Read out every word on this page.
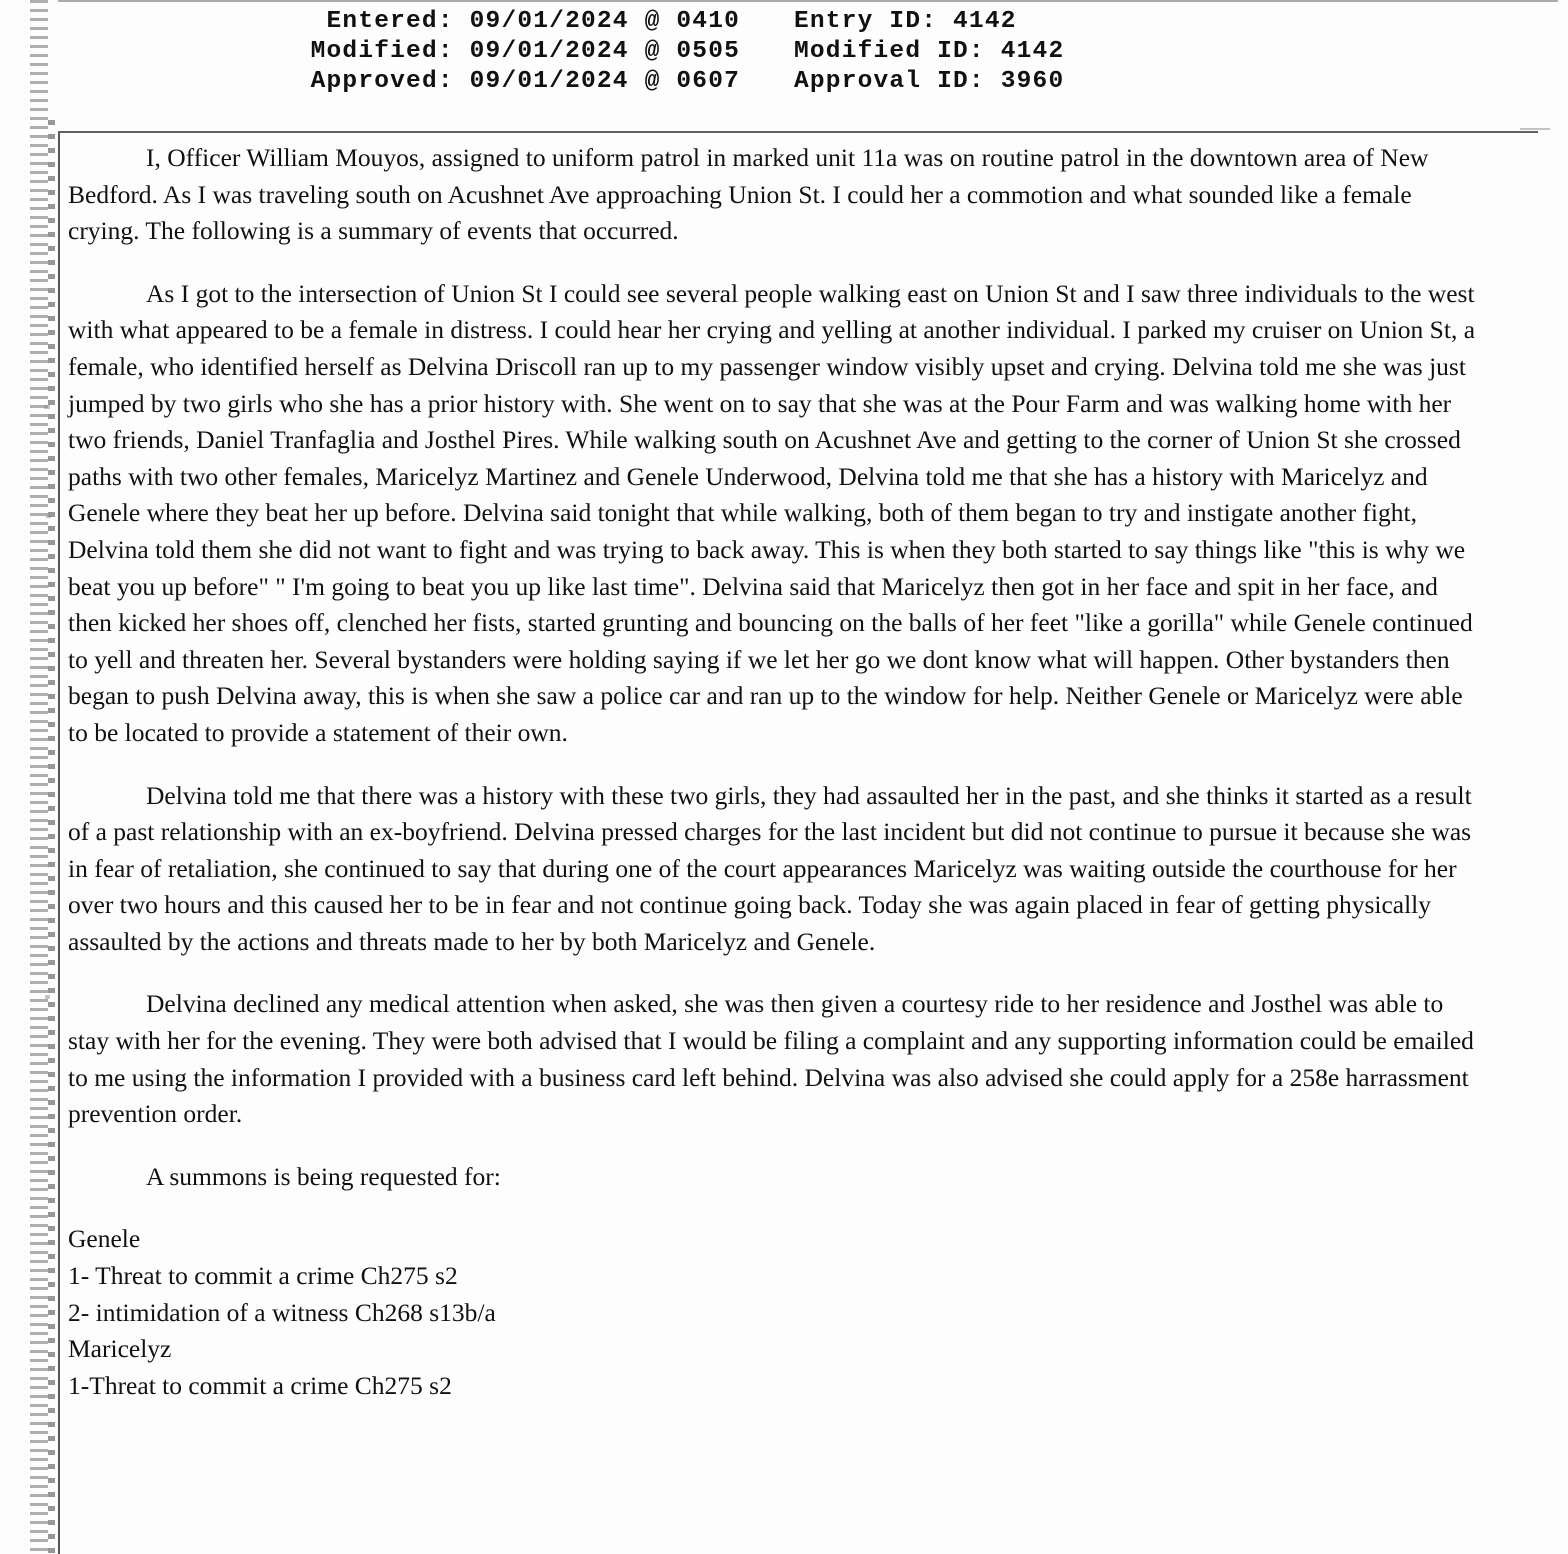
Entered: 09/01/2024 @ 0410	Entry ID: 4142
Modified: 09/01/2024 @ 0505	Modified ID: 4142
Approved: 09/01/2024 @ 0607	Approval ID: 3960

I, Officer William Mouyos, assigned to uniform patrol in marked unit 11a was on routine patrol in the downtown area of New Bedford. As I was traveling south on Acushnet Ave approaching Union St. I could her a commotion and what sounded like a female crying. The following is a summary of events that occurred.

As I got to the intersection of Union St I could see several people walking east on Union St and I saw three individuals to the west with what appeared to be a female in distress. I could hear her crying and yelling at another individual. I parked my cruiser on Union St, a female, who identified herself as Delvina Driscoll ran up to my passenger window visibly upset and crying. Delvina told me she was just jumped by two girls who she has a prior history with. She went on to say that she was at the Pour Farm and was walking home with her two friends, Daniel Tranfaglia and Josthel Pires. While walking south on Acushnet Ave and getting to the corner of Union St she crossed paths with two other females, Maricelyz Martinez and Genele Underwood, Delvina told me that she has a history with Maricelyz and Genele where they beat her up before. Delvina said tonight that while walking, both of them began to try and instigate another fight, Delvina told them she did not want to fight and was trying to back away. This is when they both started to say things like "this is why we beat you up before" " I'm going to beat you up like last time". Delvina said that Maricelyz then got in her face and spit in her face, and then kicked her shoes off, clenched her fists, started grunting and bouncing on the balls of her feet "like a gorilla" while Genele continued to yell and threaten her. Several bystanders were holding saying if we let her go we dont know what will happen. Other bystanders then began to push Delvina away, this is when she saw a police car and ran up to the window for help. Neither Genele or Maricelyz were able to be located to provide a statement of their own.

Delvina told me that there was a history with these two girls, they had assaulted her in the past, and she thinks it started as a result of a past relationship with an ex-boyfriend. Delvina pressed charges for the last incident but did not continue to pursue it because she was in fear of retaliation, she continued to say that during one of the court appearances Maricelyz was waiting outside the courthouse for her over two hours and this caused her to be in fear and not continue going back. Today she was again placed in fear of getting physically assaulted by the actions and threats made to her by both Maricelyz and Genele.

Delvina declined any medical attention when asked, she was then given a courtesy ride to her residence and Josthel was able to stay with her for the evening. They were both advised that I would be filing a complaint and any supporting information could be emailed to me using the information I provided with a business card left behind. Delvina was also advised she could apply for a 258e harrassment prevention order.

A summons is being requested for:

Genele

1- Threat to commit a crime Ch275 s2

2- intimidation of a witness Ch268 s13b/a

Maricelyz

1-Threat to commit a crime Ch275 s2
